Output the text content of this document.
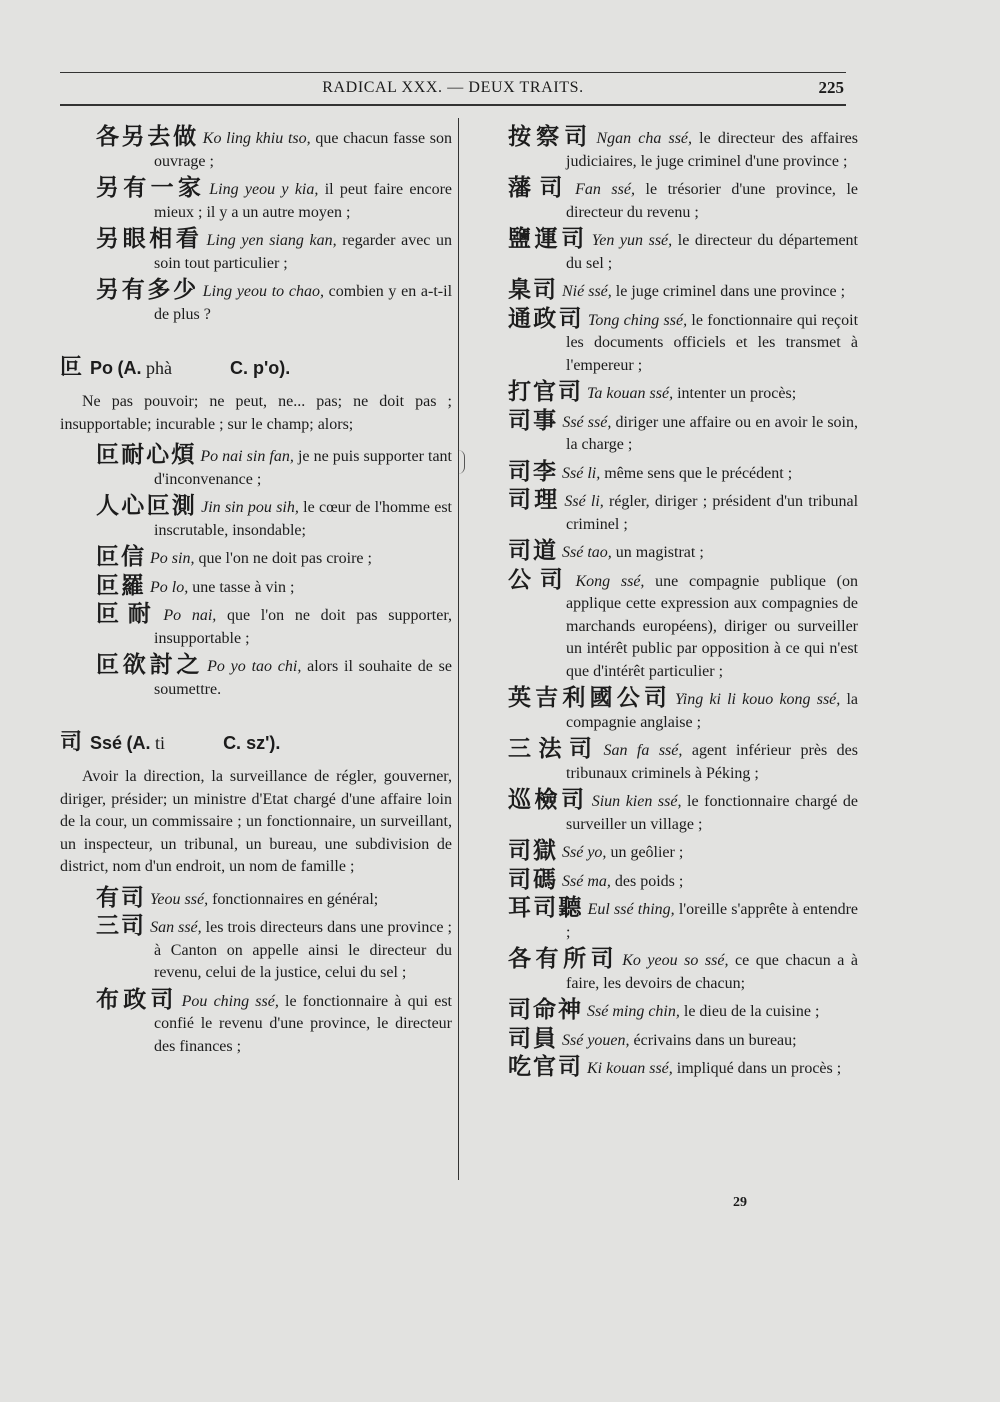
RADICAL XXX. — DEUX TRAITS.	225
各另去做 Ko ling khiu tso, que chacun fasse son ouvrage ;
另有一家 Ling yeou y kia, il peut faire encore mieux ; il y a un autre moyen ;
另眼相看 Ling yen siang kan, regarder avec un soin tout particulier ;
另有多少 Ling yeou to chao, combien y en a-t-il de plus ?
叵 Po (A. phà	C. p'o).
Ne pas pouvoir; ne peut, ne... pas; ne doit pas ; insupportable; incurable ; sur le champ; alors;
叵耐心煩 Po nai sin fan, je ne puis supporter tant d'inconvenance ;
人心叵測 Jin sin pou sih, le cœur de l'homme est inscrutable, insondable;
叵信 Po sin, que l'on ne doit pas croire ;
叵羅 Po lo, une tasse à vin ;
叵耐 Po nai, que l'on ne doit pas supporter, insupportable ;
叵欲討之 Po yo tao chi, alors il souhaite de se soumettre.
司 Ssé (A. ti	C. sz').
Avoir la direction, la surveillance de régler, gouverner, diriger, présider; un ministre d'Etat chargé d'une affaire loin de la cour, un commissaire ; un fonctionnaire, un surveillant, un inspecteur, un tribunal, un bureau, une subdivision de district, nom d'un endroit, un nom de famille ;
有司 Yeou ssé, fonctionnaires en général;
三司 San ssé, les trois directeurs dans une province ; à Canton on appelle ainsi le directeur du revenu, celui de la justice, celui du sel ;
布政司 Pou ching ssé, le fonctionnaire à qui est confié le revenu d'une province, le directeur des finances ;
按察司 Ngan cha ssé, le directeur des affaires judiciaires, le juge criminel d'une province ;
藩司 Fan ssé, le trésorier d'une province, le directeur du revenu ;
鹽運司 Yen yun ssé, le directeur du département du sel ;
臬司 Nié ssé, le juge criminel dans une province ;
通政司 Tong ching ssé, le fonctionnaire qui reçoit les documents officiels et les transmet à l'empereur ;
打官司 Ta kouan ssé, intenter un procès;
司事 Ssé ssé, diriger une affaire ou en avoir le soin, la charge ;
司李 Ssé li, même sens que le précédent ;
司理 Ssé li, régler, diriger ; président d'un tribunal criminel ;
司道 Ssé tao, un magistrat ;
公司 Kong ssé, une compagnie publique (on applique cette expression aux compagnies de marchands européens), diriger ou surveiller un intérêt public par opposition à ce qui n'est que d'intérêt particulier ;
英吉利國公司 Ying ki li kouo kong ssé, la compagnie anglaise ;
三法司 San fa ssé, agent inférieur près des tribunaux criminels à Péking ;
巡檢司 Siun kien ssé, le fonctionnaire chargé de surveiller un village ;
司獄 Ssé yo, un geôlier ;
司碼 Ssé ma, des poids ;
耳司聽 Eul ssé thing, l'oreille s'apprête à entendre ;
各有所司 Ko yeou so ssé, ce que chacun a à faire, les devoirs de chacun;
司命神 Ssé ming chin, le dieu de la cuisine ;
司員 Ssé youen, écrivains dans un bureau;
吃官司 Ki kouan ssé, impliqué dans un procès ;
29
